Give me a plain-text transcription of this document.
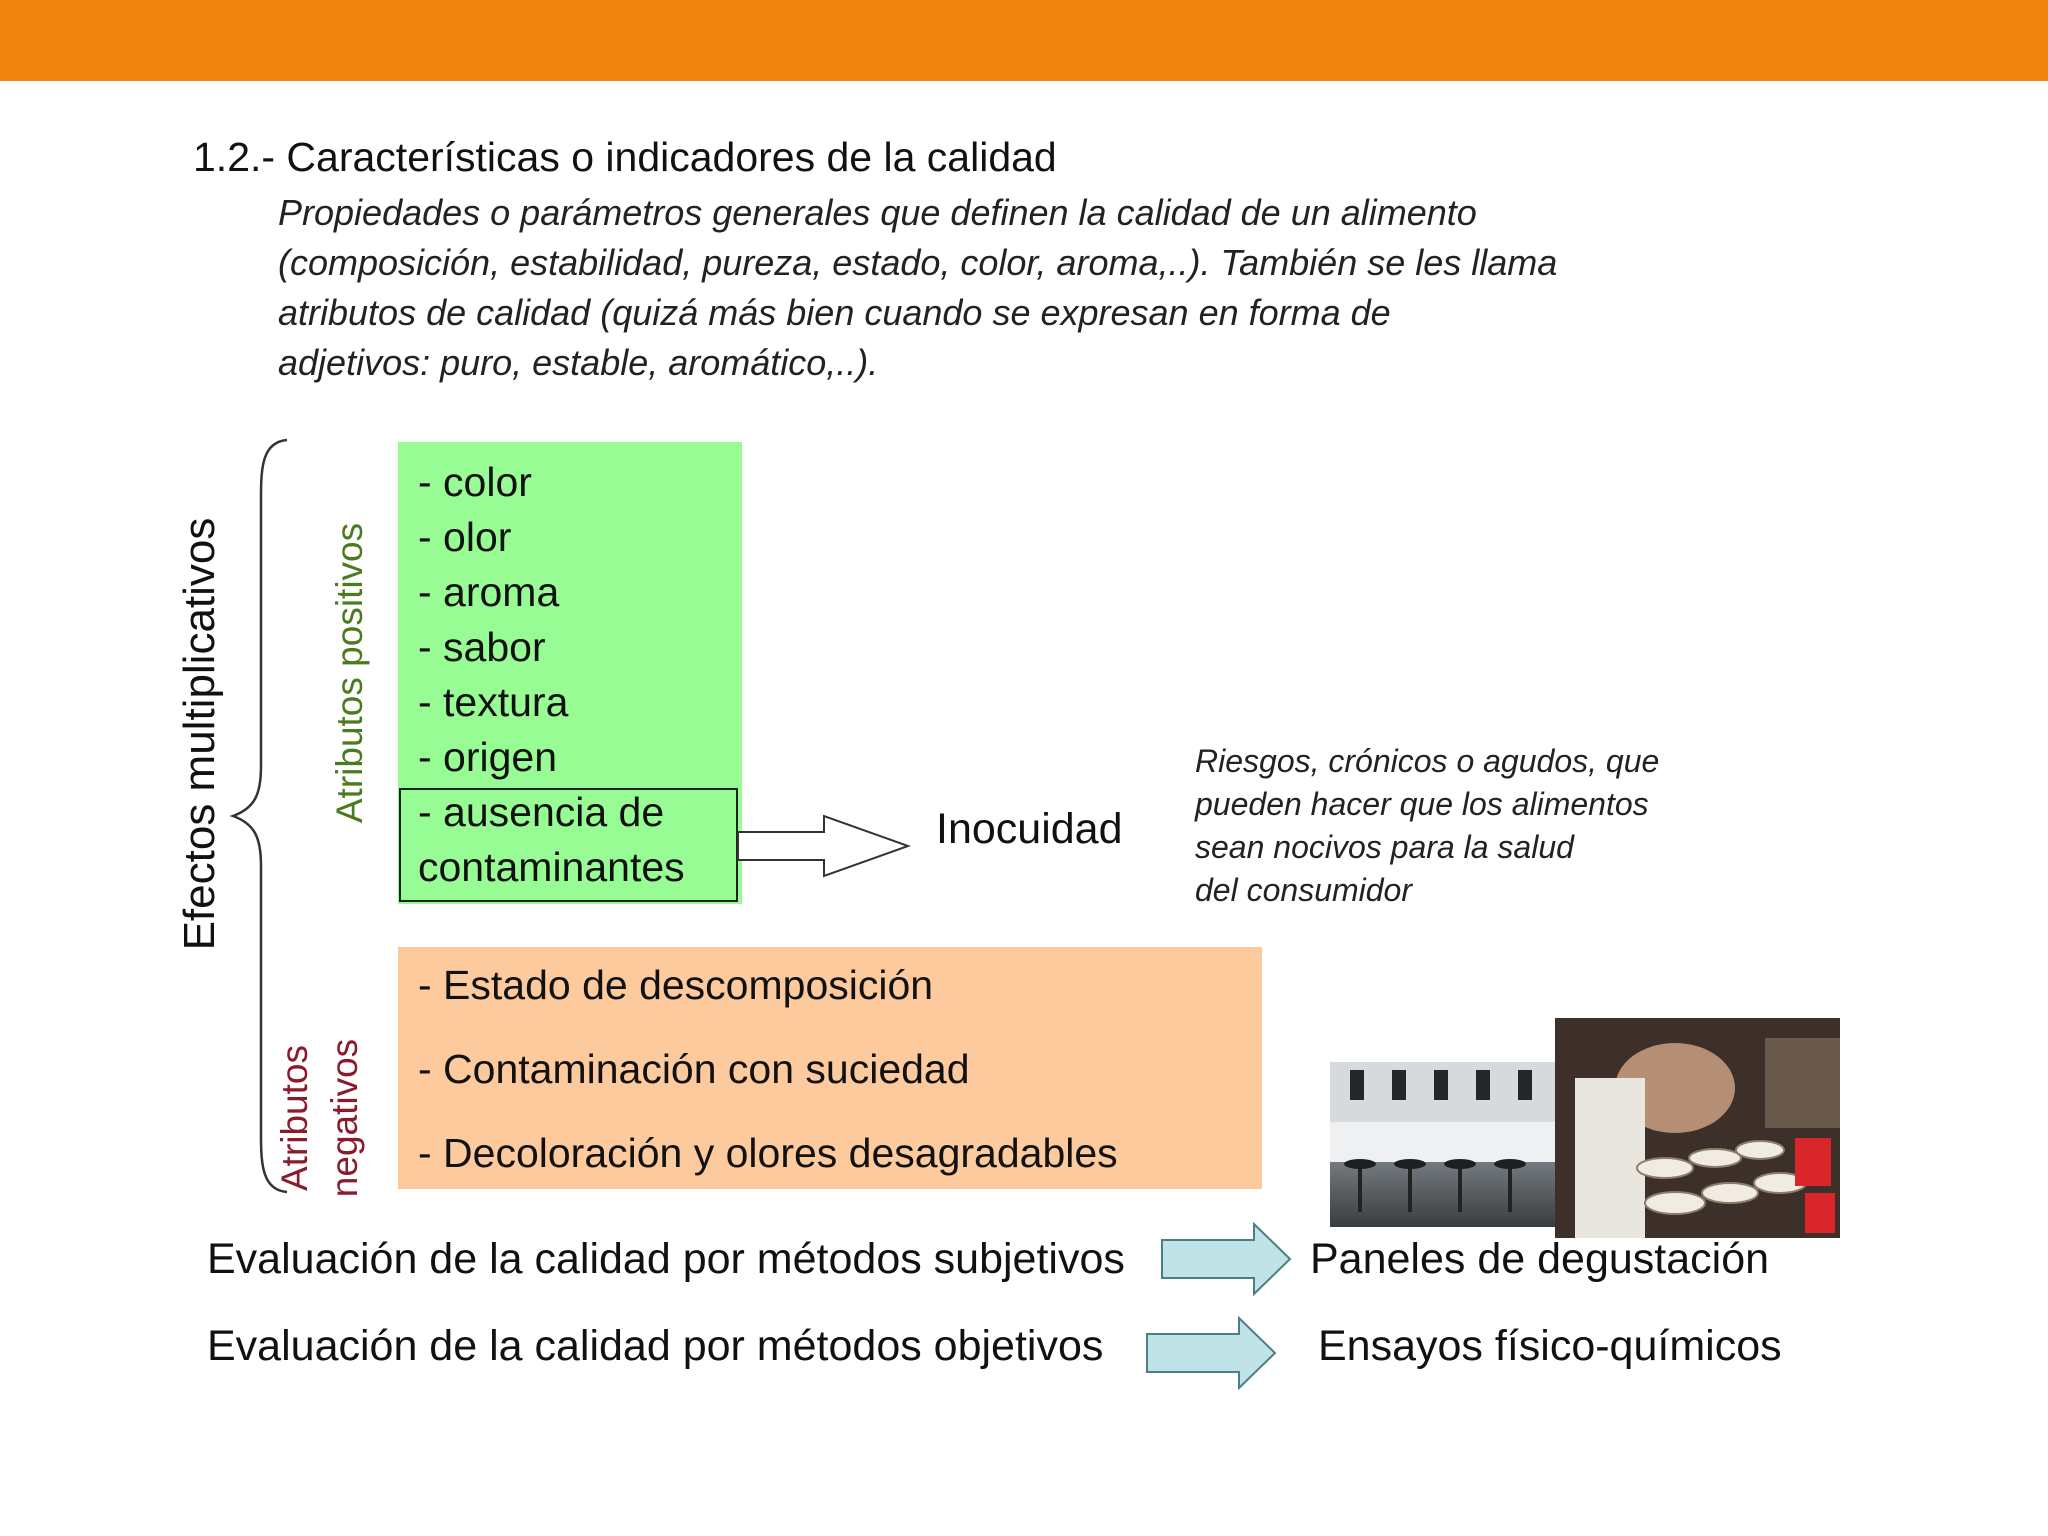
1.2.- Características o indicadores de la calidad
Propiedades o parámetros generales que definen la calidad de un alimento
(composición, estabilidad, pureza, estado, color, aroma,..). También se les llama
atributos de calidad (quizá más bien cuando se expresan en forma de
adjetivos: puro, estable, aromático,..).
Efectos multiplicativos	Atributos positivos
Atributos negativos
- color
- olor
- aroma
- sabor
- textura
- origen
- ausencia de
contaminantes
Inocuidad
Riesgos, crónicos o agudos, que
pueden hacer que los alimentos
sean nocivos para la salud
del consumidor
- Estado de descomposición
- Contaminación con suciedad
- Decoloración y olores desagradables
Evaluación de la calidad por métodos subjetivos	Paneles de degustación
Evaluación de la calidad por métodos objetivos	Ensayos físico-químicos
